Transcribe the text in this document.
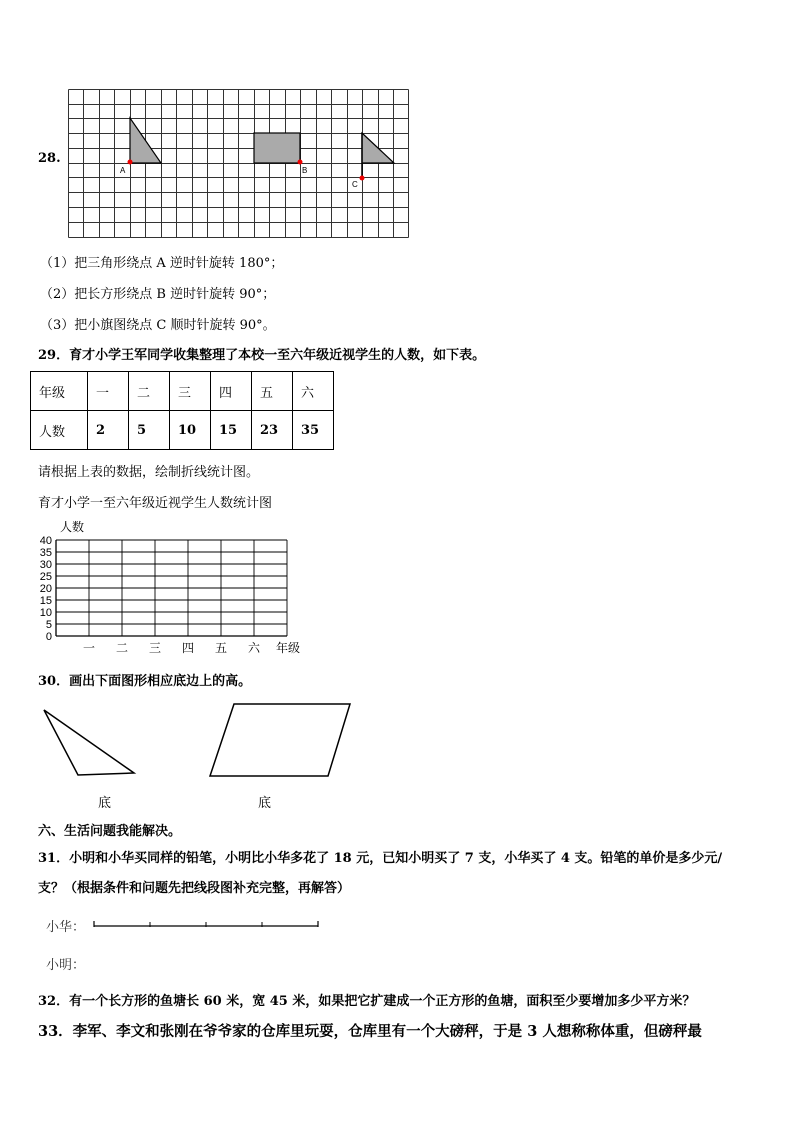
28.
A	B
C
（1）把三角形绕点 A 逆时针旋转 180°；
（2）把长方形绕点 B 逆时针旋转 90°；
（3）把小旗图绕点 C 顺时针旋转 90°。
29．育才小学王军同学收集整理了本校一至六年级近视学生的人数，如下表。
年级	一	二	三	四	五	六
人数	2	5	10	15	23	35
请根据上表的数据，绘制折线统计图。
育才小学一至六年级近视学生人数统计图
人数
年级
0
5
10
15
20
25
30
35
40
一 二 三 四 五 六
30．画出下面图形相应底边上的高。
底	底
六、生活问题我能解决。
31．小明和小华买同样的铅笔，小明比小华多花了 18 元，已知小明买了 7 支，小华买了 4 支。铅笔的单价是多少元/
支？（根据条件和问题先把线段图补充完整，再解答）
小华：
小明：
32．有一个长方形的鱼塘长 60 米，宽 45 米，如果把它扩建成一个正方形的鱼塘，面积至少要增加多少平方米？
33．李军、李文和张刚在爷爷家的仓库里玩耍，仓库里有一个大磅秤，于是 3 人想称称体重，但磅秤最
